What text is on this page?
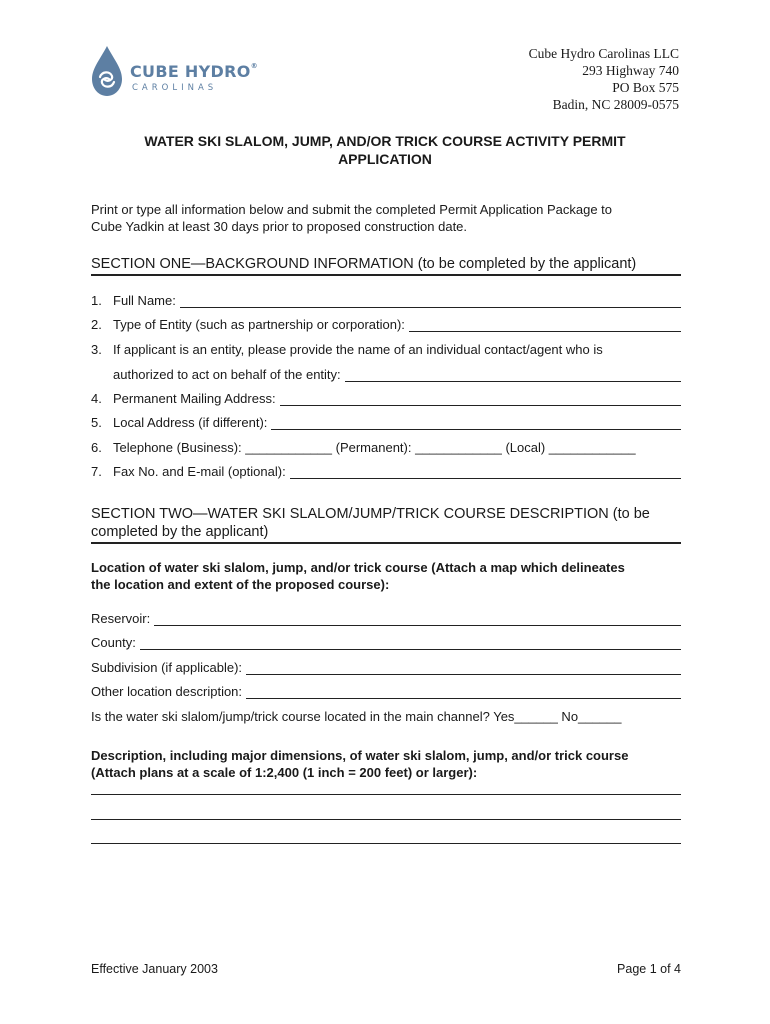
CUBE HYDRO®
CAROLINAS
Cube Hydro Carolinas LLC
293 Highway 740
PO Box 575
Badin, NC 28009-0575
WATER SKI SLALOM, JUMP, AND/OR TRICK COURSE ACTIVITY PERMIT
APPLICATION
Print or type all information below and submit the completed Permit Application Package to
Cube Yadkin at least 30 days prior to proposed construction date.
SECTION ONE—BACKGROUND INFORMATION (to be completed by the applicant)
1. Full Name:
2. Type of Entity (such as partnership or corporation):
3. If applicant is an entity, please provide the name of an individual contact/agent who is
authorized to act on behalf of the entity:
4. Permanent Mailing Address:
5. Local Address (if different):
6. Telephone (Business): ____________ (Permanent): ____________ (Local) ____________
7. Fax No. and E-mail (optional):
SECTION TWO—WATER SKI SLALOM/JUMP/TRICK COURSE DESCRIPTION (to be
completed by the applicant)
Location of water ski slalom, jump, and/or trick course (Attach a map which delineates
the location and extent of the proposed course):
Reservoir:
County:
Subdivision (if applicable):
Other location description:
Is the water ski slalom/jump/trick course located in the main channel? Yes______ No______
Description, including major dimensions, of water ski slalom, jump, and/or trick course
(Attach plans at a scale of 1:2,400 (1 inch = 200 feet) or larger):
Effective January 2003	Page 1 of 4
